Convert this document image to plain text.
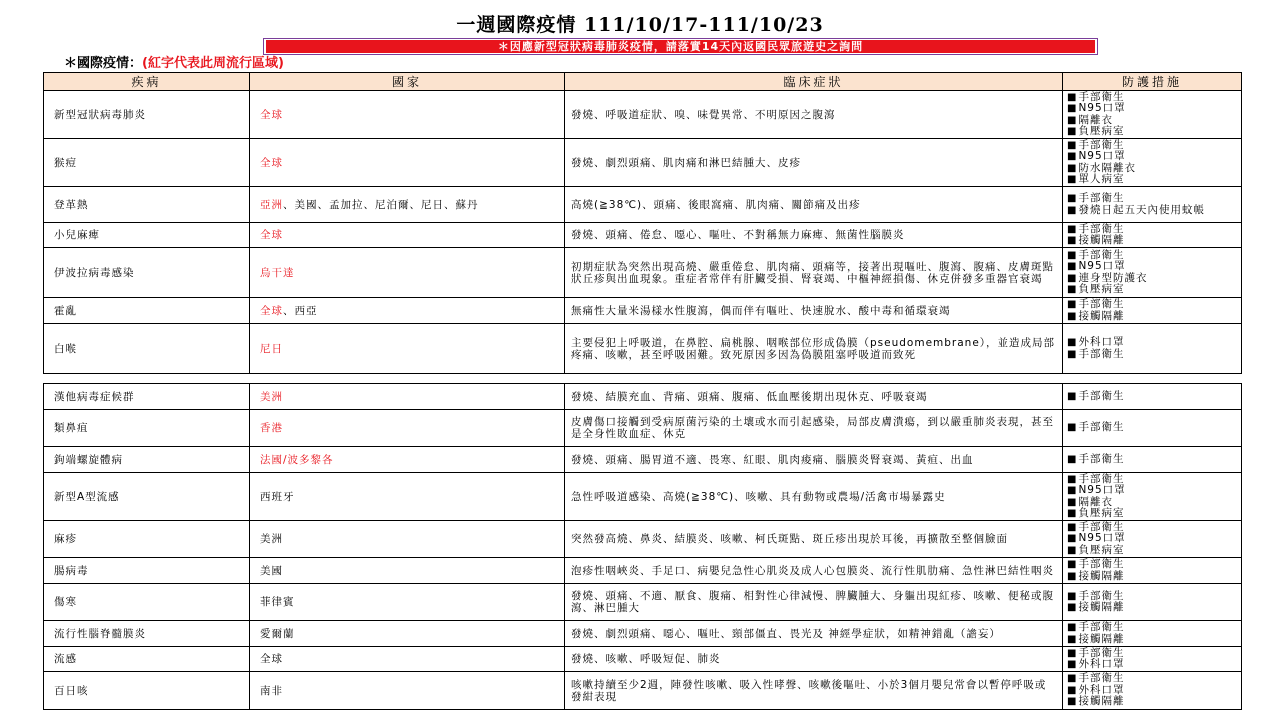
一週國際疫情 111/10/17-111/10/23
＊因應新型冠狀病毒肺炎疫情，請落實14天內返國民眾旅遊史之詢問
＊國際疫情：(紅字代表此周流行區域)
疾病	國家	臨床症狀	防護措施
新型冠狀病毒肺炎	全球	發燒、呼吸道症狀、嗅、味覺異常、不明原因之腹瀉	■ 手部衛生
■ N95口罩
■ 隔離衣
■ 負壓病室

猴痘	全球	發燒、劇烈頭痛、肌肉痛和淋巴結腫大、皮疹	■ 手部衛生
■ N95口罩
■ 防水隔離衣
■ 單人病室

登革熱	亞洲、美國、孟加拉、尼泊爾、尼日、蘇丹	高燒(≧38℃)、頭痛、後眼窩痛、肌肉痛、關節痛及出疹	■ 手部衛生
■ 發燒日起五天內使用蚊帳

小兒麻痺	全球	發燒、頭痛、倦怠、噁心、嘔吐、不對稱無力麻痺、無菌性腦膜炎	■ 手部衛生
■ 接觸隔離

伊波拉病毒感染	烏干達	初期症狀為突然出現高燒、嚴重倦怠、肌肉痛、頭痛等，接著出現嘔吐、腹瀉、腹痛、皮膚斑點狀丘疹與出血現象。重症者常伴有肝臟受損、腎衰竭、中樞神經損傷、休克併發多重器官衰竭	■ 手部衛生
■ N95口罩
■ 連身型防護衣
■ 負壓病室

霍亂	全球、西亞	無痛性大量米湯樣水性腹瀉，偶而伴有嘔吐、快速脫水、酸中毒和循環衰竭	■ 手部衛生
■ 接觸隔離

白喉	尼日	主要侵犯上呼吸道，在鼻腔、扁桃腺、咽喉部位形成偽膜（pseudomembrane），並造成局部疼痛、咳嗽，甚至呼吸困難。致死原因多因為偽膜阻塞呼吸道而致死	■ 外科口罩
■ 手部衛生
漢他病毒症候群	美洲	發燒、結膜充血、背痛、頭痛、腹痛、低血壓後期出現休克、呼吸衰竭	■ 手部衛生

類鼻疽	香港	皮膚傷口接觸到受病原菌污染的土壤或水而引起感染，局部皮膚潰瘍，到以嚴重肺炎表現，甚至是全身性敗血症、休克	■ 手部衛生

鉤端螺旋體病	法國/波多黎各	發燒、頭痛、腸胃道不適、畏寒、紅眼、肌肉痠痛、腦膜炎腎衰竭、黃疸、出血	■ 手部衛生

新型A型流感	西班牙	急性呼吸道感染、高燒(≧38℃)、咳嗽、具有動物或農場/活禽市場暴露史	■ 手部衛生
■ N95口罩
■ 隔離衣
■ 負壓病室

麻疹	美洲	突然發高燒、鼻炎、結膜炎、咳嗽、柯氏斑點、斑丘疹出現於耳後，再擴散至整個臉面	■ 手部衛生
■ N95口罩
■ 負壓病室

腸病毒	美國	泡疹性咽峽炎、手足口、病嬰兒急性心肌炎及成人心包膜炎、流行性肌肋痛、急性淋巴結性咽炎	■ 手部衛生
■ 接觸隔離

傷寒	菲律賓	發燒、頭痛、不適、厭食、腹痛、相對性心律減慢、脾臟腫大、身軀出現紅疹、咳嗽、便秘或腹瀉、淋巴腫大	■ 手部衛生
■ 接觸隔離

流行性腦脊髓膜炎	愛爾蘭	發燒、劇烈頭痛、噁心、嘔吐、頸部僵直、畏光及 神經學症狀，如精神錯亂（譫妄）	■ 手部衛生
■ 接觸隔離

流感	全球	發燒、咳嗽、呼吸短促、肺炎	■ 手部衛生
■ 外科口罩

百日咳	南非	咳嗽持續至少2週，陣發性咳嗽、吸入性哮聲、咳嗽後嘔吐、小於3個月嬰兒常會以暫停呼吸或發紺表現	■ 手部衛生
■ 外科口罩
■ 接觸隔離
